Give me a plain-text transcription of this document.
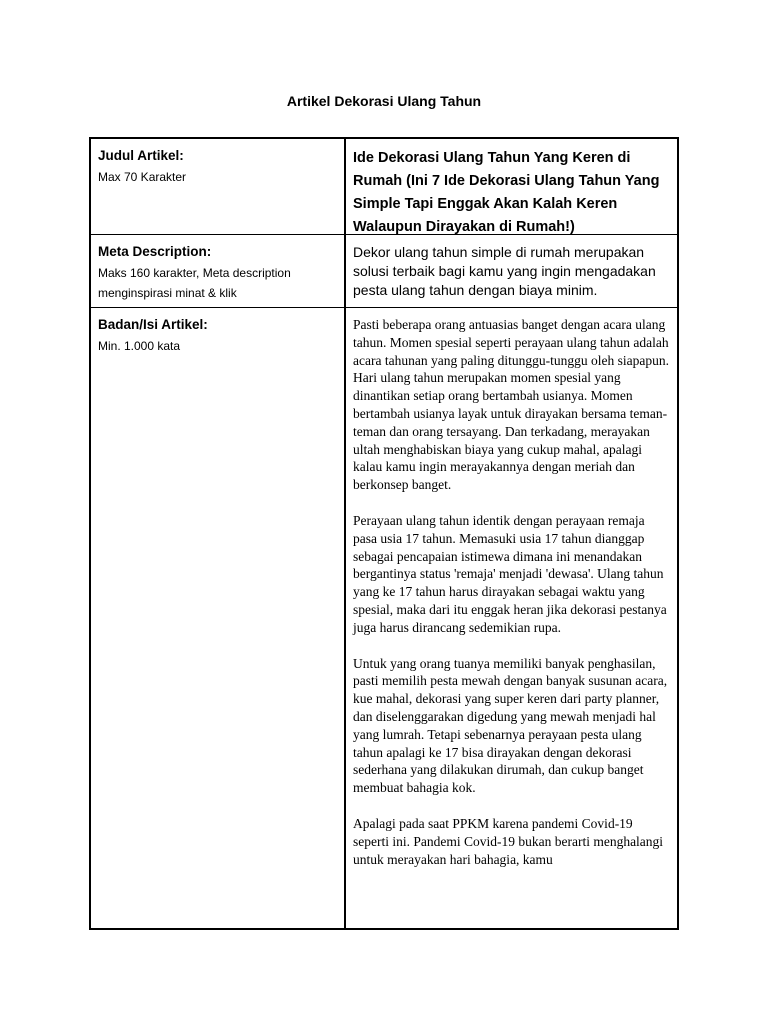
Artikel Dekorasi Ulang Tahun
Judul Artikel:
Max 70 Karakter
Ide Dekorasi Ulang Tahun Yang Keren di Rumah (Ini 7 Ide Dekorasi Ulang Tahun Yang Simple Tapi Enggak Akan Kalah Keren Walaupun Dirayakan di Rumah!)
Meta Description:
Maks 160 karakter, Meta description menginspirasi minat & klik
Dekor ulang tahun simple di rumah merupakan solusi terbaik bagi kamu yang ingin mengadakan pesta ulang tahun dengan biaya minim.
Badan/Isi Artikel:
Min. 1.000 kata

Pasti beberapa orang antuasias banget dengan acara ulang tahun. Momen spesial seperti perayaan ulang tahun adalah acara tahunan yang paling ditunggu-tunggu oleh siapapun. Hari ulang tahun merupakan momen spesial yang dinantikan setiap orang bertambah usianya. Momen bertambah usianya layak untuk dirayakan bersama teman-teman dan orang tersayang. Dan terkadang, merayakan ultah menghabiskan biaya yang cukup mahal, apalagi kalau kamu ingin merayakannya dengan meriah dan berkonsep banget.

Perayaan ulang tahun identik dengan perayaan remaja pasa usia 17 tahun. Memasuki usia 17 tahun dianggap sebagai pencapaian istimewa dimana ini menandakan bergantinya status 'remaja' menjadi 'dewasa'. Ulang tahun yang ke 17 tahun harus dirayakan sebagai waktu yang spesial, maka dari itu enggak heran jika dekorasi pestanya juga harus dirancang sedemikian rupa.

Untuk yang orang tuanya memiliki banyak penghasilan, pasti memilih pesta mewah dengan banyak susunan acara, kue mahal, dekorasi yang super keren dari party planner, dan diselenggarakan digedung yang mewah menjadi hal yang lumrah. Tetapi sebenarnya perayaan pesta ulang tahun apalagi ke 17 bisa dirayakan dengan dekorasi sederhana yang dilakukan dirumah, dan cukup banget membuat bahagia kok.

Apalagi pada saat PPKM karena pandemi Covid-19 seperti ini. Pandemi Covid-19 bukan berarti menghalangi untuk merayakan hari bahagia, kamu
